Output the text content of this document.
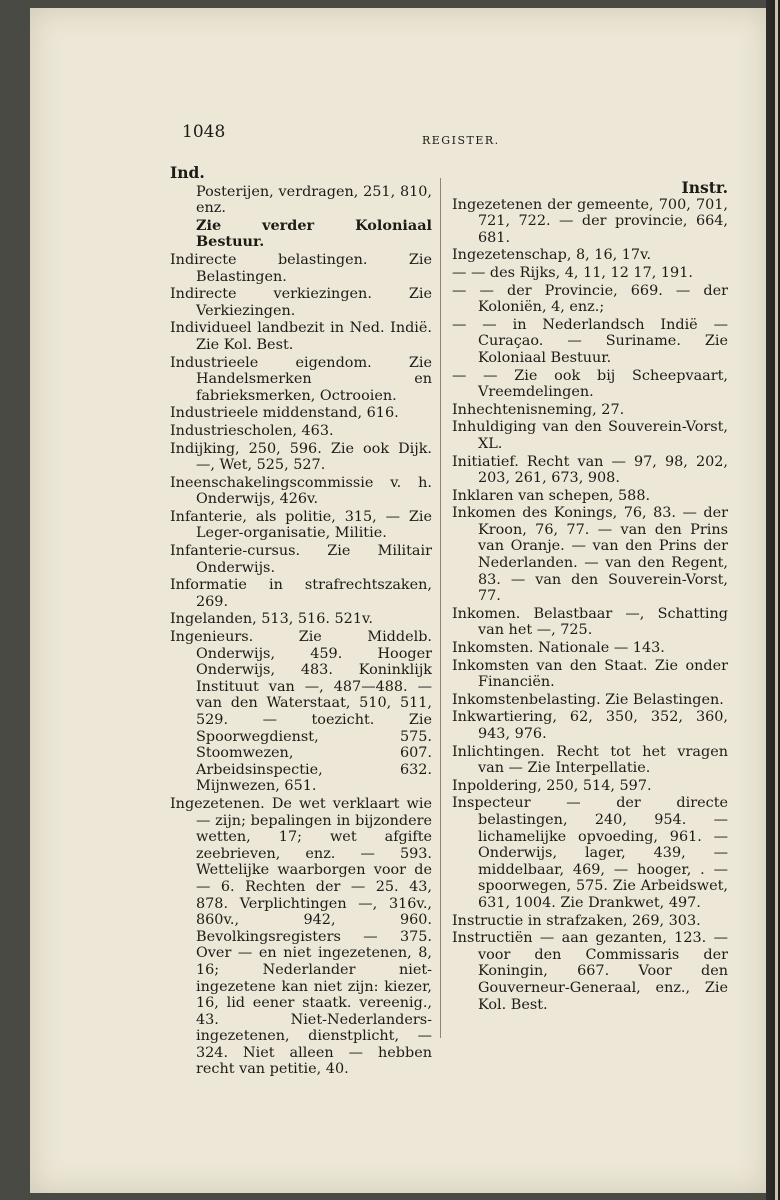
1048	REGISTER.
Ind.

Posterijen, verdragen, 251, 810, enz.

Zie verder Koloniaal Bestuur.

Indirecte belastingen. Zie Belastingen.

Indirecte verkiezingen. Zie Verkiezingen.

Individueel landbezit in Ned. Indië. Zie Kol. Best.

Industrieele eigendom. Zie Handelsmerken en fabrieksmerken, Octrooien.

Industrieele middenstand, 616.

Industriescholen, 463.

Indijking, 250, 596. Zie ook Dijk. —, Wet, 525, 527.

Ineenschakelingscommissie v. h. Onderwijs, 426v.

Infanterie, als politie, 315, — Zie Leger-organisatie, Militie.

Infanterie-cursus. Zie Militair Onderwijs.

Informatie in strafrechtszaken, 269.

Ingelanden, 513, 516. 521v.

Ingenieurs. Zie Middelb. Onderwijs, 459. Hooger Onderwijs, 483. Koninklijk Instituut van —, 487—488. — van den Waterstaat, 510, 511, 529. — toezicht. Zie Spoorwegdienst, 575. Stoomwezen, 607. Arbeidsinspectie, 632. Mijnwezen, 651.

Ingezetenen. De wet verklaart wie — zijn; bepalingen in bijzondere wetten, 17; wet afgifte zeebrieven, enz. — 593. Wettelijke waarborgen voor de — 6. Rechten der — 25. 43, 878. Verplichtingen —, 316v., 860v., 942, 960. Bevolkingsregisters — 375. Over — en niet ingezetenen, 8, 16; Nederlander niet-ingezetene kan niet zijn: kiezer, 16, lid eener staatk. vereenig., 43. Niet-Nederlanders-ingezetenen, dienstplicht, — 324. Niet alleen — hebben recht van petitie, 40.

Instr.

Ingezetenen der gemeente, 700, 701, 721, 722. — der provincie, 664, 681.

Ingezetenschap, 8, 16, 17v.

— — des Rijks, 4, 11, 12 17, 191.

— — der Provincie, 669. — der Koloniën, 4, enz.;

— — in Nederlandsch Indië — Curaçao. — Suriname. Zie Koloniaal Bestuur.

— — Zie ook bij Scheepvaart, Vreemdelingen.

Inhechtenisneming, 27.

Inhuldiging van den Souverein-Vorst, XL.

Initiatief. Recht van — 97, 98, 202, 203, 261, 673, 908.

Inklaren van schepen, 588.

Inkomen des Konings, 76, 83. — der Kroon, 76, 77. — van den Prins van Oranje. — van den Prins der Nederlanden. — van den Regent, 83. — van den Souverein-Vorst, 77.

Inkomen. Belastbaar —, Schatting van het —, 725.

Inkomsten. Nationale — 143.

Inkomsten van den Staat. Zie onder Financiën.

Inkomstenbelasting. Zie Belastingen.

Inkwartiering, 62, 350, 352, 360, 943, 976.

Inlichtingen. Recht tot het vragen van — Zie Interpellatie.

Inpoldering, 250, 514, 597.

Inspecteur — der directe belastingen, 240, 954. — lichamelijke opvoeding, 961. — Onderwijs, lager, 439, — middelbaar, 469, — hooger, . — spoorwegen, 575. Zie Arbeidswet, 631, 1004. Zie Drankwet, 497.

Instructie in strafzaken, 269, 303.

Instructiën — aan gezanten, 123. — voor den Commissaris der Koningin, 667. Voor den Gouverneur-Generaal, enz., Zie Kol. Best.
